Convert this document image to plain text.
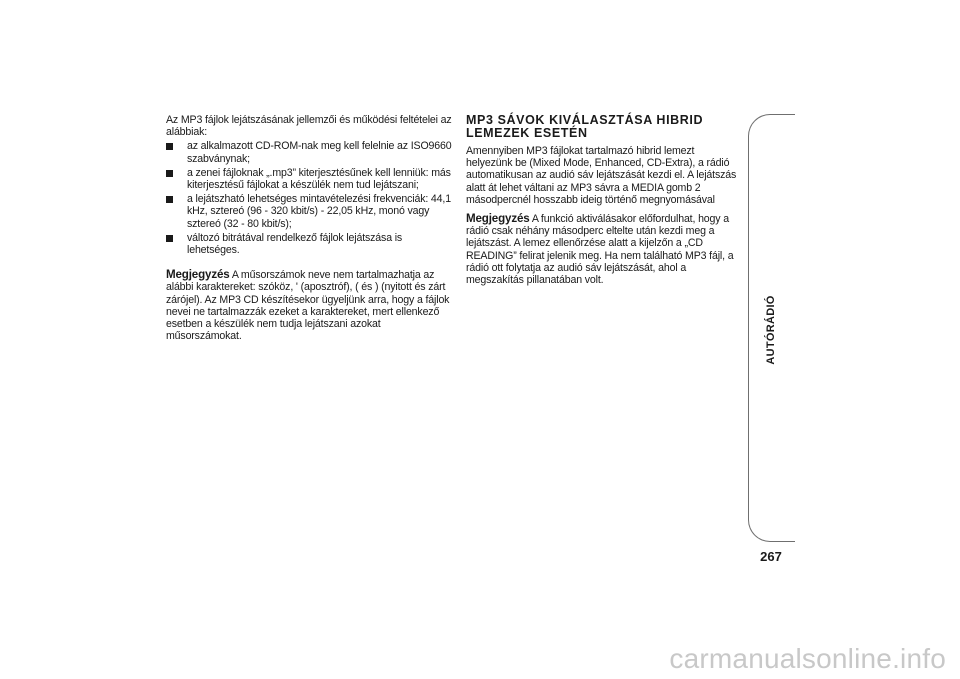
Az MP3 fájlok lejátszásának jellemzői és működési feltételei az alábbiak:

az alkalmazott CD-ROM-nak meg kell felelnie az ISO9660 szabványnak;
a zenei fájloknak „.mp3” kiterjesztésűnek kell lenniük: más kiterjesztésű fájlokat a készülék nem tud lejátszani;
a lejátszható lehetséges mintavételezési frekvenciák: 44,1 kHz, sztereó (96 - 320 kbit/s) - 22,05 kHz, monó vagy sztereó (32 - 80 kbit/s);
változó bitrátával rendelkező fájlok lejátszása is lehetséges.

Megjegyzés A műsorszámok neve nem tartalmazhatja az alábbi karaktereket: szóköz, ' (aposztróf), ( és ) (nyitott és zárt zárójel). Az MP3 CD készítésekor ügyeljünk arra, hogy a fájlok nevei ne tartalmazzák ezeket a karaktereket, mert ellenkező esetben a készülék nem tudja lejátszani azokat műsorszámokat.

MP3 SÁVOK KIVÁLASZTÁSA HIBRID LEMEZEK ESETÉN

Amennyiben MP3 fájlokat tartalmazó hibrid lemezt helyezünk be (Mixed Mode, Enhanced, CD-Extra), a rádió automatikusan az audió sáv lejátszását kezdi el. A lejátszás alatt át lehet váltani az MP3 sávra a MEDIA gomb 2 másodpercnél hosszabb ideig történő megnyomásával

Megjegyzés A funkció aktiválásakor előfordulhat, hogy a rádió csak néhány másodperc eltelte után kezdi meg a lejátszást. A lemez ellenőrzése alatt a kijelzőn a „CD READING” felirat jelenik meg. Ha nem található MP3 fájl, a rádió ott folytatja az audió sáv lejátszását, ahol a megszakítás pillanatában volt.

AUTÓRÁDIÓ
267
carmanualsonline.info
